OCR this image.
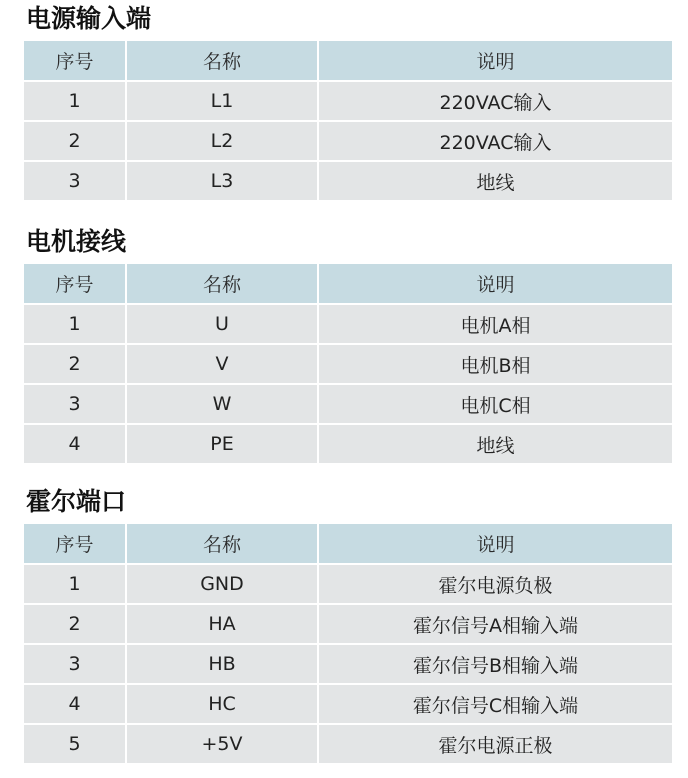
电源输入端
序号	名称	说明
1	L1	220VAC输入
2	L2	220VAC输入
3	L3	地线
电机接线
序号	名称	说明
1	U	电机A相
2	V	电机B相
3	W	电机C相
4	PE	地线
霍尔端口
序号	名称	说明
1	GND	霍尔电源负极
2	HA	霍尔信号A相输入端
3	HB	霍尔信号B相输入端
4	HC	霍尔信号C相输入端
5	+5V	霍尔电源正极
